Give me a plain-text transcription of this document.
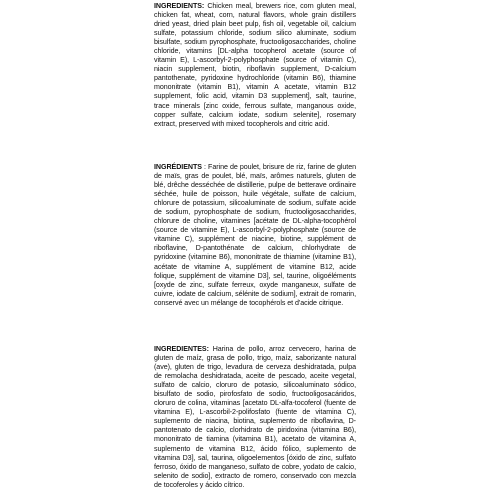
INGREDIENTS: Chicken meal, brewers rice, corn gluten meal, chicken fat, wheat, corn, natural flavors, whole grain distillers dried yeast, dried plain beet pulp, fish oil, vegetable oil, calcium sulfate, potassium chloride, sodium silico aluminate, sodium bisulfate, sodium pyrophosphate, fructooligosaccharides, choline chloride, vitamins [DL-alpha tocopherol acetate (source of vitamin E), L-ascorbyl-2-polyphosphate (source of vitamin C), niacin supplement, biotin, riboflavin supplement, D-calcium pantothenate, pyridoxine hydrochloride (vitamin B6), thiamine mononitrate (vitamin B1), vitamin A acetate, vitamin B12 supplement, folic acid, vitamin D3 supplement], salt, taurine, trace minerals [zinc oxide, ferrous sulfate, manganous oxide, copper sulfate, calcium iodate, sodium selenite], rosemary extract, preserved with mixed tocopherols and citric acid.
INGRÉDIENTS : Farine de poulet, brisure de riz, farine de gluten de maïs, gras de poulet, blé, maïs, arômes naturels, gluten de blé, drêche desséchée de distillerie, pulpe de betterave ordinaire séchée, huile de poisson, huile végétale, sulfate de calcium, chlorure de potassium, silicoaluminate de sodium, sulfate acide de sodium, pyrophosphate de sodium, fructooligosaccharides, chlorure de choline, vitamines [acétate de DL-alpha-tocophérol (source de vitamine E), L-ascorbyl-2-polyphosphate (source de vitamine C), supplément de niacine, biotine, supplément de riboflavine, D-pantothénate de calcium, chlorhydrate de pyridoxine (vitamine B6), mononitrate de thiamine (vitamine B1), acétate de vitamine A, supplément de vitamine B12, acide folique, supplément de vitamine D3], sel, taurine, oligoéléments [oxyde de zinc, sulfate ferreux, oxyde manganeux, sulfate de cuivre, iodate de calcium, sélénite de sodium], extrait de romarin, conservé avec un mélange de tocophérols et d'acide citrique.
INGREDIENTES: Harina de pollo, arroz cervecero, harina de gluten de maíz, grasa de pollo, trigo, maíz, saborizante natural (ave), gluten de trigo, levadura de cerveza deshidratada, pulpa de remolacha deshidratada, aceite de pescado, aceite vegetal, sulfato de calcio, cloruro de potasio, silicoaluminato sódico, bisulfato de sodio, pirofosfato de sodio, fructooligosacáridos, cloruro de colina, vitaminas [acetato DL-alfa-tocoferol (fuente de vitamina E), L-ascorbil-2-polifosfato (fuente de vitamina C), suplemento de niacina, biotina, suplemento de riboflavina, D-pantotenato de calcio, clorhidrato de piridoxina (vitamina B6), mononitrato de tiamina (vitamina B1), acetato de vitamina A, suplemento de vitamina B12, ácido fólico, suplemento de vitamina D3], sal, taurina, oligoelementos [óxido de zinc, sulfato ferroso, óxido de manganeso, sulfato de cobre, yodato de calcio, selenito de sodio], extracto de romero, conservado con mezcla de tocoferoles y ácido cítrico.
